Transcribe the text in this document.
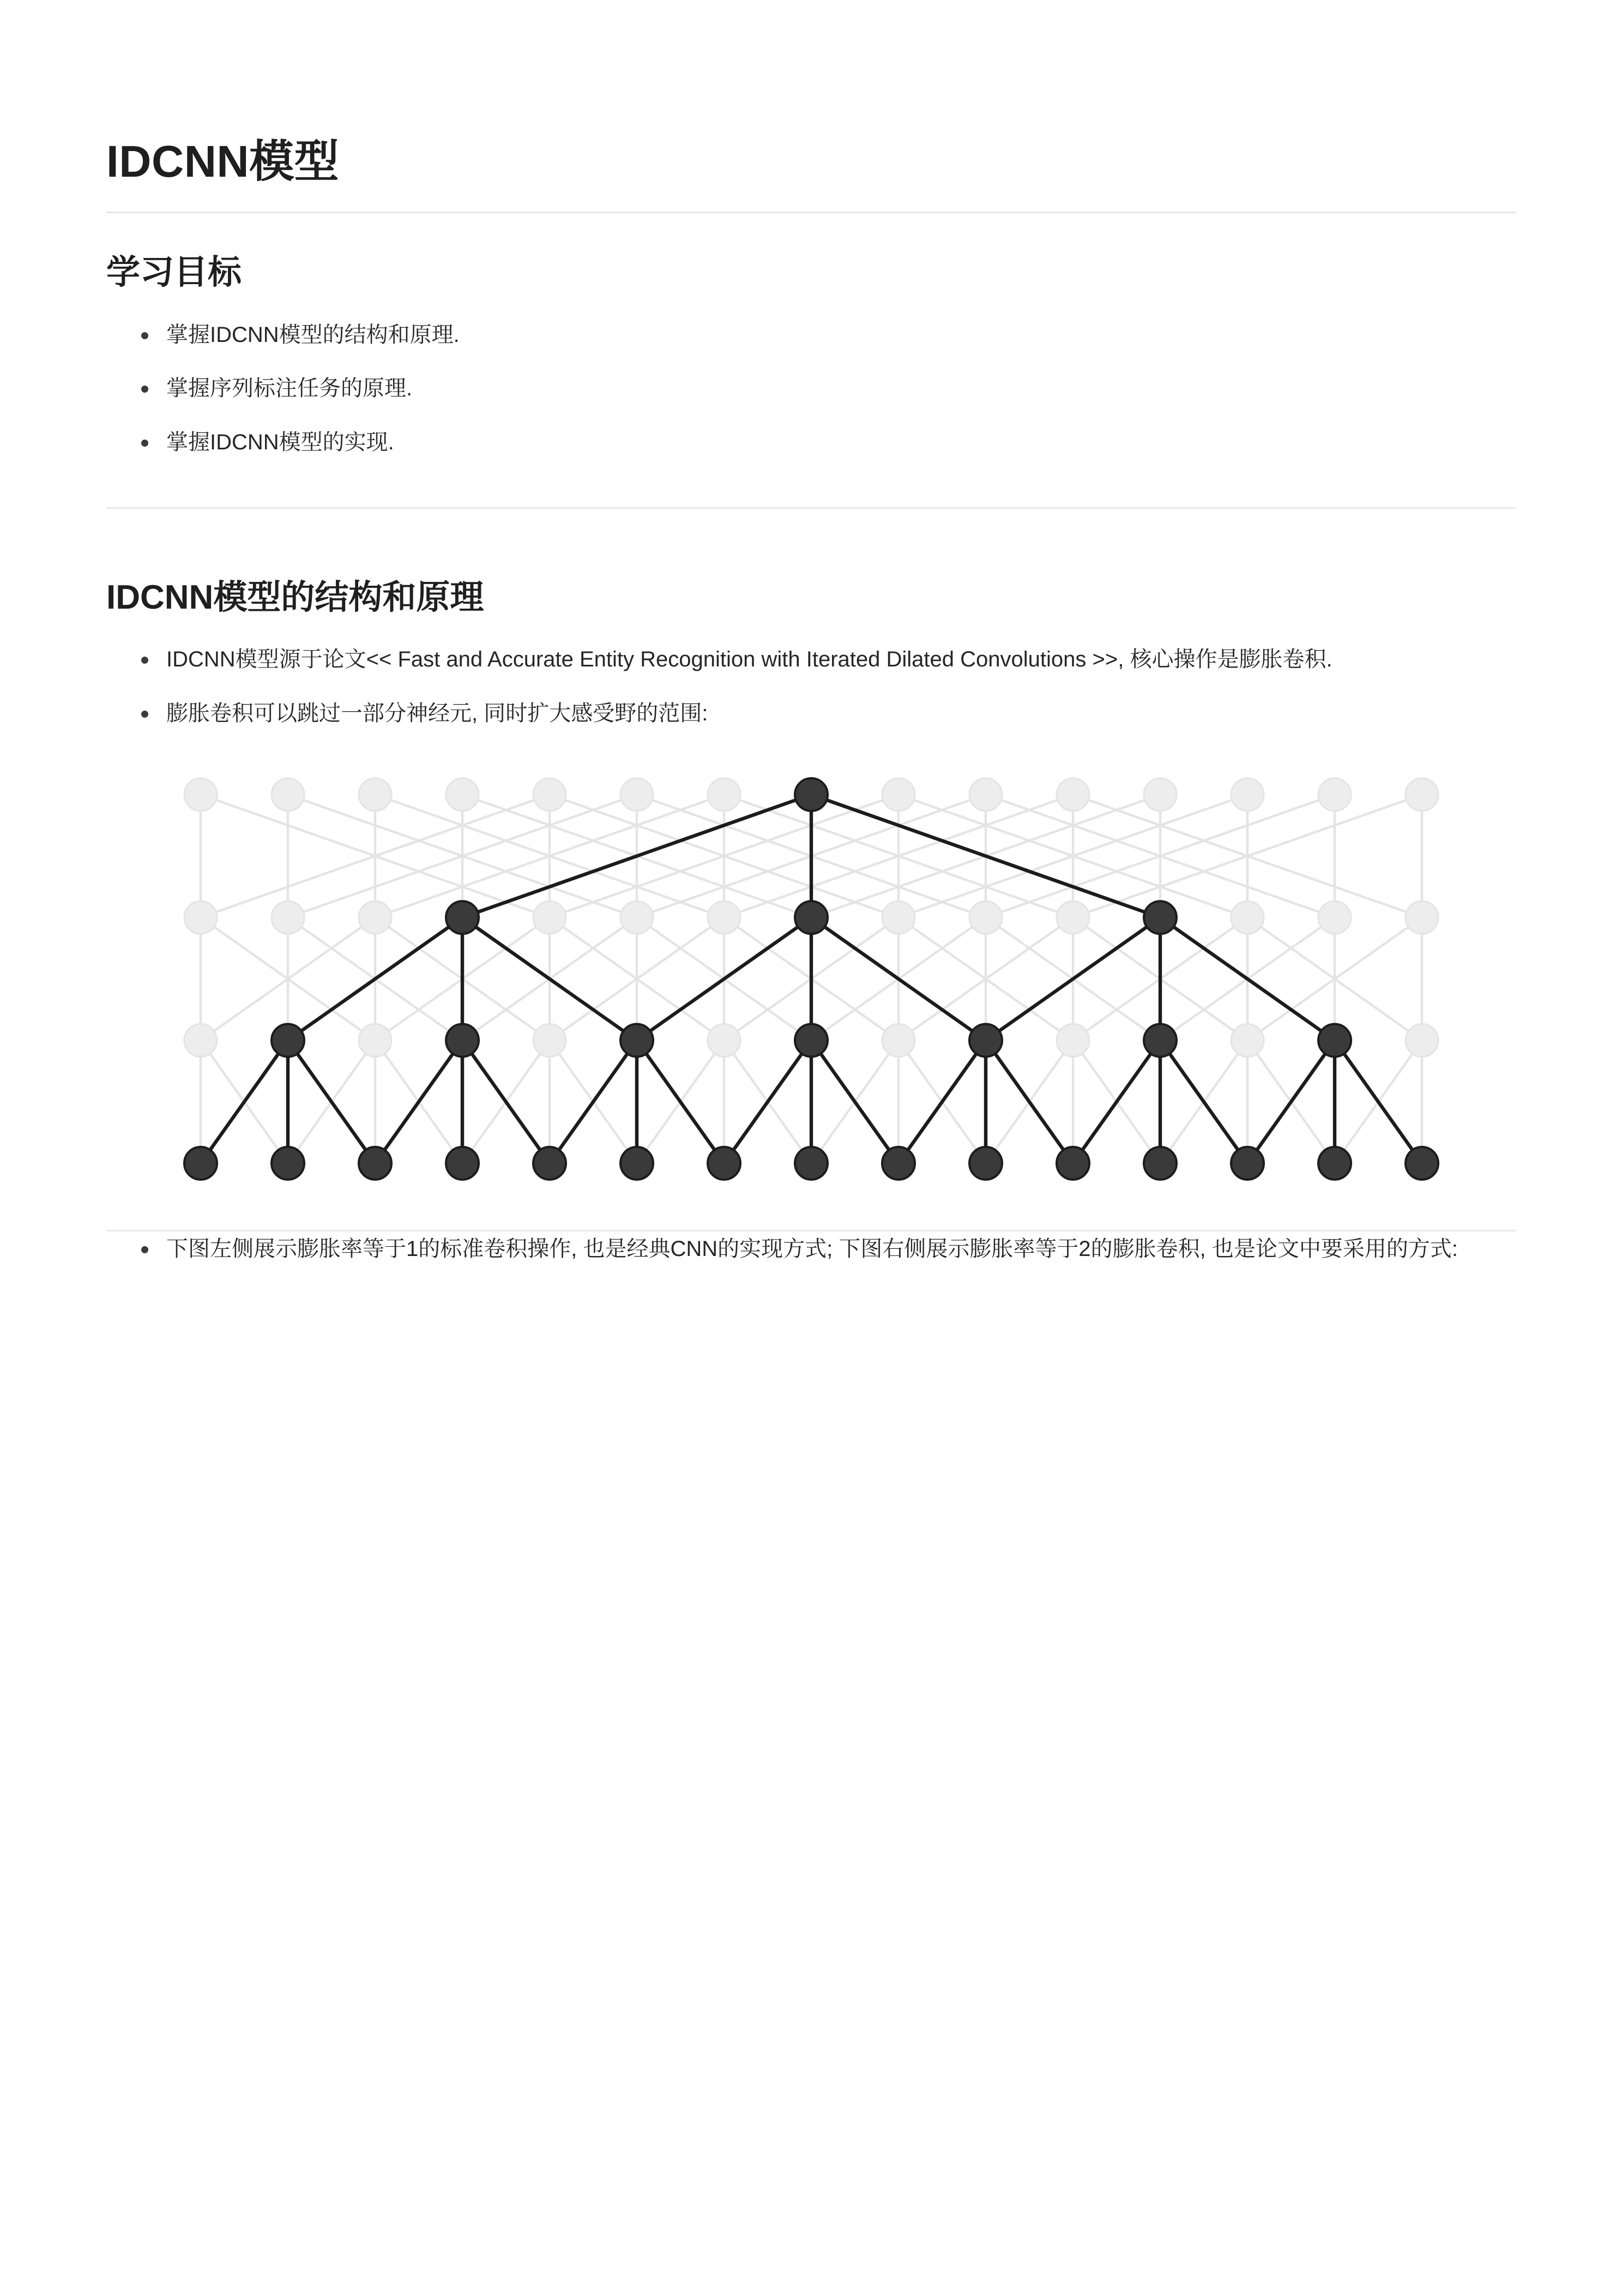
IDCNN模型
学习目标
掌握IDCNN模型的结构和原理.
掌握序列标注任务的原理.
掌握IDCNN模型的实现.
IDCNN模型的结构和原理
IDCNN模型源于论文<< Fast and Accurate Entity Recognition with Iterated Dilated Convolutions >>, 核心操作是膨胀卷积.
膨胀卷积可以跳过一部分神经元, 同时扩大感受野的范围:
下图左侧展示膨胀率等于1的标准卷积操作, 也是经典CNN的实现方式; 下图右侧展示膨胀率等于2的膨胀卷积, 也是论文中要采用的方式:
